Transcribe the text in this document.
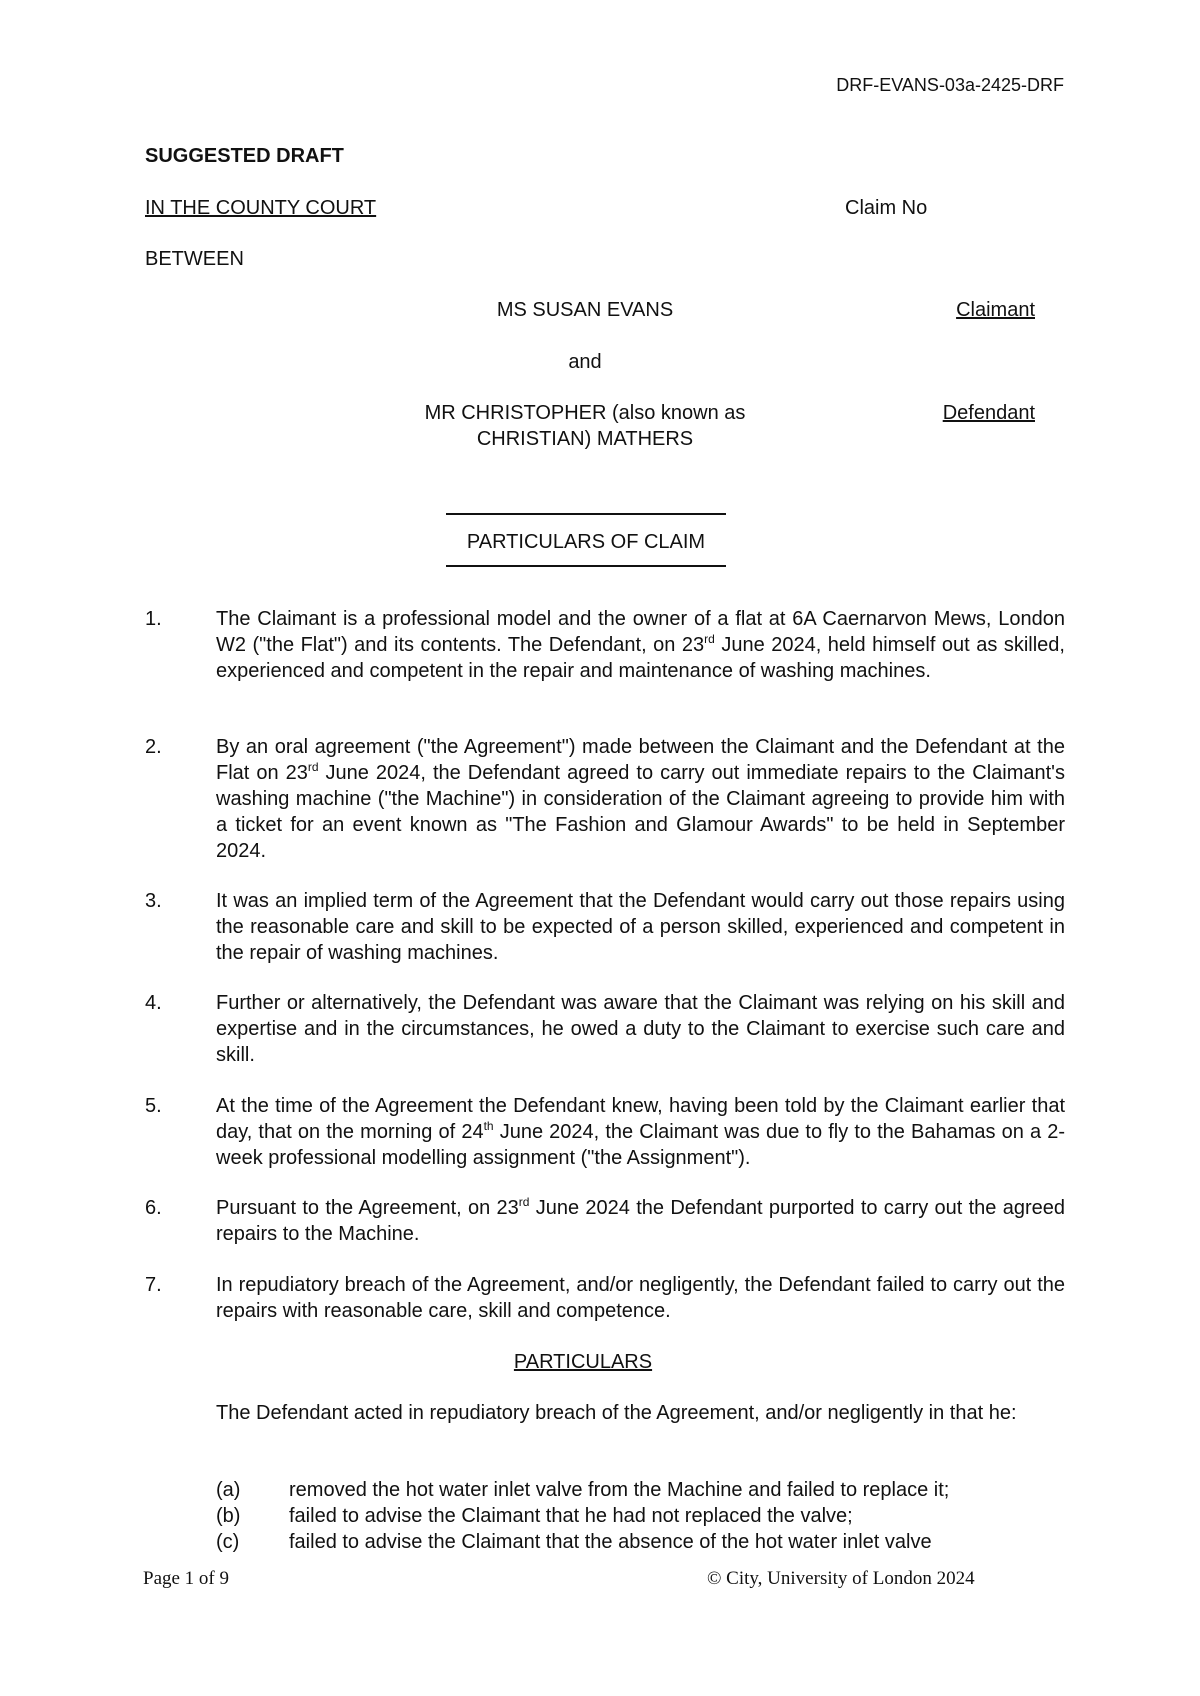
DRF-EVANS-03a-2425-DRF
SUGGESTED DRAFT
IN THE COUNTY COURT	Claim No
BETWEEN
MS SUSAN EVANS	Claimant
and
MR CHRISTOPHER (also known as CHRISTIAN) MATHERS
Defendant
PARTICULARS OF CLAIM
1.	The Claimant is a professional model and the owner of a flat at 6A Caernarvon Mews, London W2 ("the Flat") and its contents. The Defendant, on 23rd June 2024, held himself out as skilled, experienced and competent in the repair and maintenance of washing machines.
2.	By an oral agreement ("the Agreement") made between the Claimant and the Defendant at the Flat on 23rd June 2024, the Defendant agreed to carry out immediate repairs to the Claimant's washing machine ("the Machine") in consideration of the Claimant agreeing to provide him with a ticket for an event known as "The Fashion and Glamour Awards" to be held in September 2024.
3.	It was an implied term of the Agreement that the Defendant would carry out those repairs using the reasonable care and skill to be expected of a person skilled, experienced and competent in the repair of washing machines.
4.	Further or alternatively, the Defendant was aware that the Claimant was relying on his skill and expertise and in the circumstances, he owed a duty to the Claimant to exercise such care and skill.
5.	At the time of the Agreement the Defendant knew, having been told by the Claimant earlier that day, that on the morning of 24th June 2024, the Claimant was due to fly to the Bahamas on a 2-week professional modelling assignment ("the Assignment").
6.	Pursuant to the Agreement, on 23rd June 2024 the Defendant purported to carry out the agreed repairs to the Machine.
7.	In repudiatory breach of the Agreement, and/or negligently, the Defendant failed to carry out the repairs with reasonable care, skill and competence.
PARTICULARS
The Defendant acted in repudiatory breach of the Agreement, and/or negligently in that he:
(a) removed the hot water inlet valve from the Machine and failed to replace it;
(b) failed to advise the Claimant that he had not replaced the valve;
(c) failed to advise the Claimant that the absence of the hot water inlet valve
Page 1 of 9	© City, University of London 2024
